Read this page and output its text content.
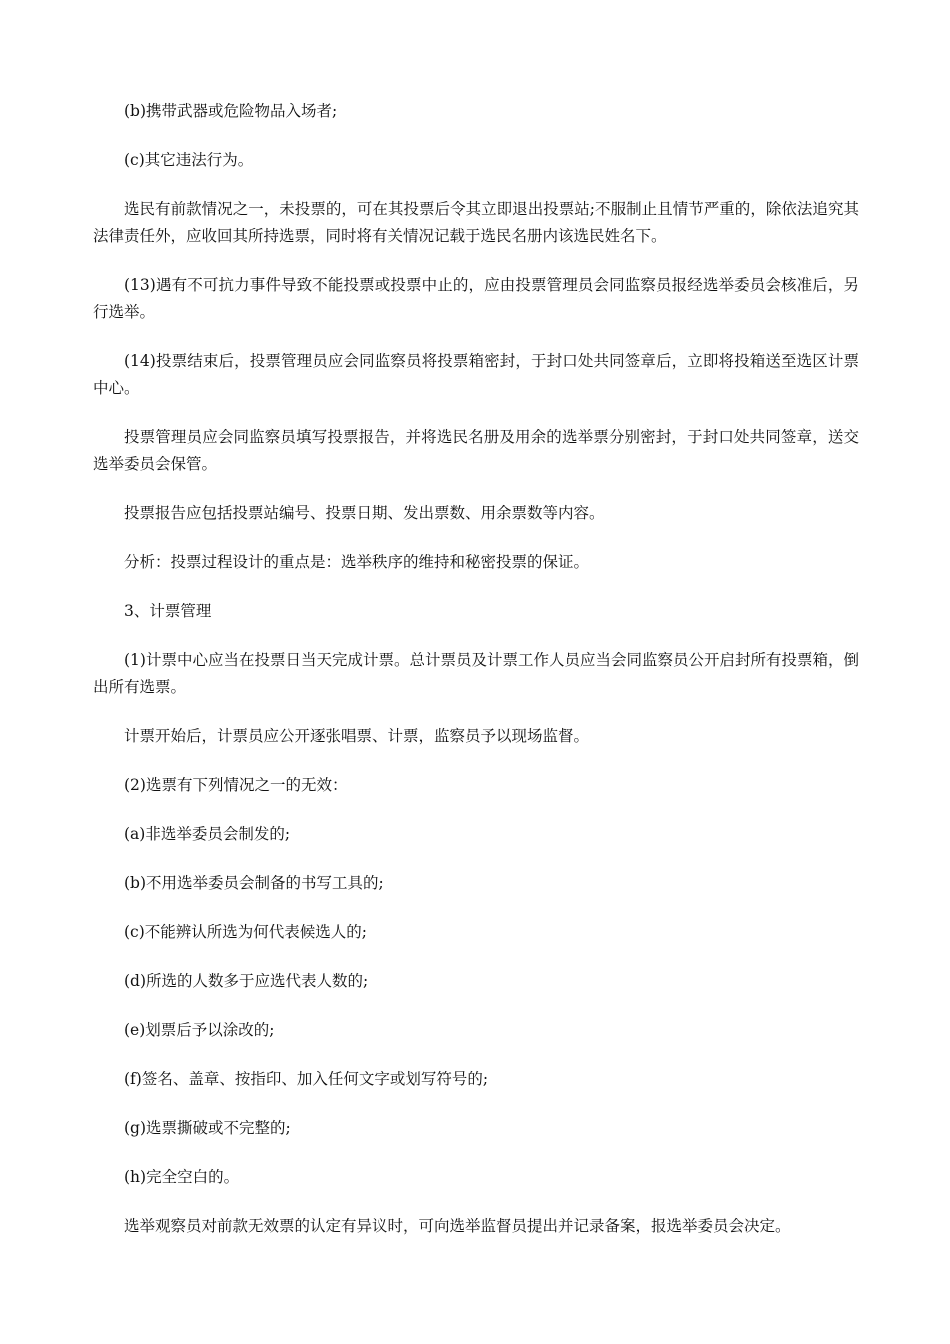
(b)携带武器或危险物品入场者;

(c)其它违法行为。

选民有前款情况之一，未投票的，可在其投票后令其立即退出投票站;不服制止且情节严重的，除依法追究其法律责任外，应收回其所持选票，同时将有关情况记载于选民名册内该选民姓名下。

(13)遇有不可抗力事件导致不能投票或投票中止的，应由投票管理员会同监察员报经选举委员会核准后，另行选举。

(14)投票结束后，投票管理员应会同监察员将投票箱密封，于封口处共同签章后，立即将投箱送至选区计票中心。

投票管理员应会同监察员填写投票报告，并将选民名册及用余的选举票分别密封，于封口处共同签章，送交选举委员会保管。

投票报告应包括投票站编号、投票日期、发出票数、用余票数等内容。

分析：投票过程设计的重点是：选举秩序的维持和秘密投票的保证。

3、计票管理

(1)计票中心应当在投票日当天完成计票。总计票员及计票工作人员应当会同监察员公开启封所有投票箱，倒出所有选票。

计票开始后，计票员应公开逐张唱票、计票，监察员予以现场监督。

(2)选票有下列情况之一的无效：

(a)非选举委员会制发的;

(b)不用选举委员会制备的书写工具的;

(c)不能辨认所选为何代表候选人的;

(d)所选的人数多于应选代表人数的;

(e)划票后予以涂改的;

(f)签名、盖章、按指印、加入任何文字或划写符号的;

(g)选票撕破或不完整的;

(h)完全空白的。

选举观察员对前款无效票的认定有异议时，可向选举监督员提出并记录备案，报选举委员会决定。
